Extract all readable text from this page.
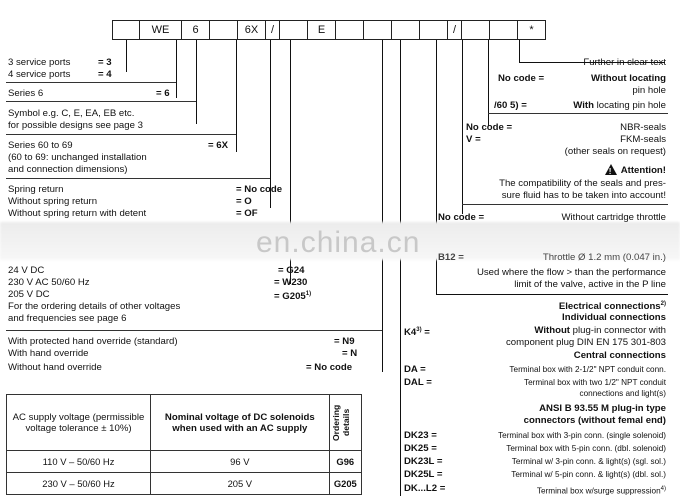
WE	6	6X	/	E	/	*
en.china.cn
3 service ports	= 3
4 service ports	= 4
Series 6	= 6
Symbol e.g. C, E, EA, EB etc.
for possible designs see page 3
Series 60 to 69	= 6X
(60 to 69: unchanged installation
and connection dimensions)
Spring return	= No code
Without spring return	= O
Without spring return with detent	= OF
24 V DC	= G24
230 V AC 50/60 Hz	= W230
205 V DC	= $G205^{1)}$
For the ordering details of other voltages
and frequencies see page 6
With protected hand override (standard)	= N9
With hand override	= N
Without hand override	= No code
AC supply voltage (permissible voltage tolerance ± 10%)	Nominal voltage of DC solenoids when used with an AC supply	Ordering details

110 V – 50/60 Hz	96 V	G96
230 V – 50/60 Hz	205 V	G205
Further in clear text
No code =	Without locating
pin hole
/60 5) =	With locating pin hole
No code =	NBR-seals
V =	FKM-seals
(other seals on request)
!Attention!
The compatibility of the seals and pres-
sure fluid has to be taken into account!
No code =	Without cartridge throttle
B12 =	Throttle Ø 1.2 mm (0.047 in.)
Used where the flow > than the performance
limit of the valve, active in the P line
Electrical connections$^{2)}$
Individual connections
$K4^{3)}$ =	Without plug-in connector with
component plug DIN EN 175 301-803
Central connections
DA =	Terminal box with 2-1/2" NPT conduit conn.
DAL =	Terminal box with two 1/2" NPT conduit
connections and light(s)
ANSI B 93.55 M plug-in type
connectors (without femal end)
DK23 =	Terminal box with 3-pin conn. (single solenoid)
DK25 =	Terminal box with 5-pin conn. (dbl. solenoid)
DK23L =	Terminal w/ 3-pin conn. & light(s) (sgl. sol.)
DK25L =	Terminal w/ 5-pin conn. & light(s) (dbl. sol.)
DK...L2 =	Terminal box w/surge suppression$^{4)}$
